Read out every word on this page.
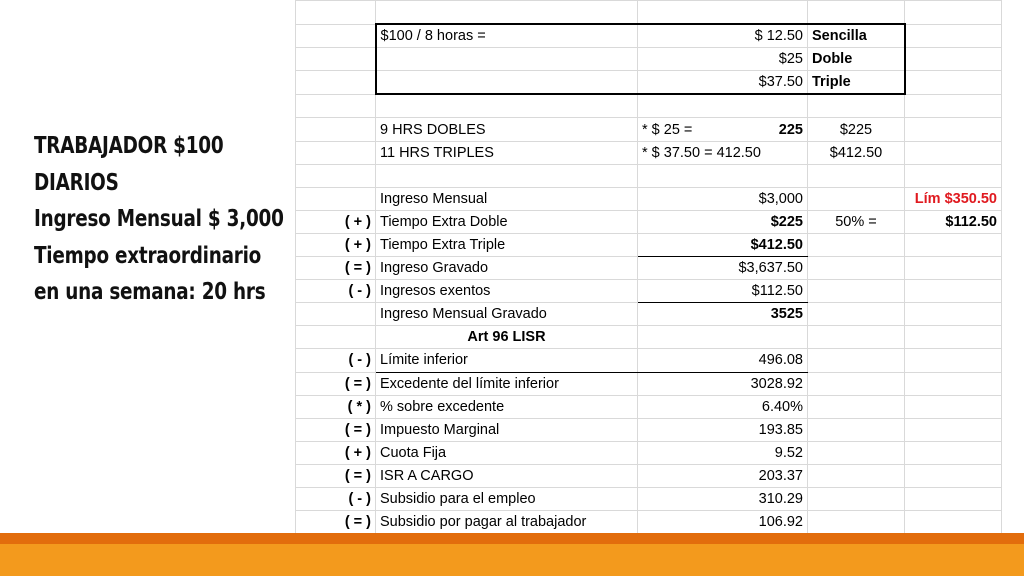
TRABAJADOR $100
DIARIOS
Ingreso Mensual $ 3,000
Tiempo extraordinario
en una semana: 20 hrs

	$100 / 8 horas =	$ 12.50	Sencilla	
		$25	Doble	
		$37.50	Triple	

	9 HRS DOBLES	* $ 25 = 225	$225	
	11 HRS TRIPLES	* $ 37.50 = 412.50	$412.50	

	Ingreso Mensual	$3,000		Lím $350.50
( + )	Tiempo Extra Doble	$225	50% =	$112.50
( + )	Tiempo Extra Triple	$412.50		
( = )	Ingreso Gravado	$3,637.50		
( - )	Ingresos exentos	$112.50		
	Ingreso Mensual Gravado	3525		
	Art 96 LISR			
( - )	Límite inferior	496.08		
( = )	Excedente del límite inferior	3028.92		
( * )	% sobre excedente	6.40%		
( = )	Impuesto Marginal	193.85		
( + )	Cuota Fija	9.52		
( = )	ISR A CARGO	203.37		
( - )	Subsidio para el empleo	310.29		
( = )	Subsidio por pagar al trabajador	106.92		
